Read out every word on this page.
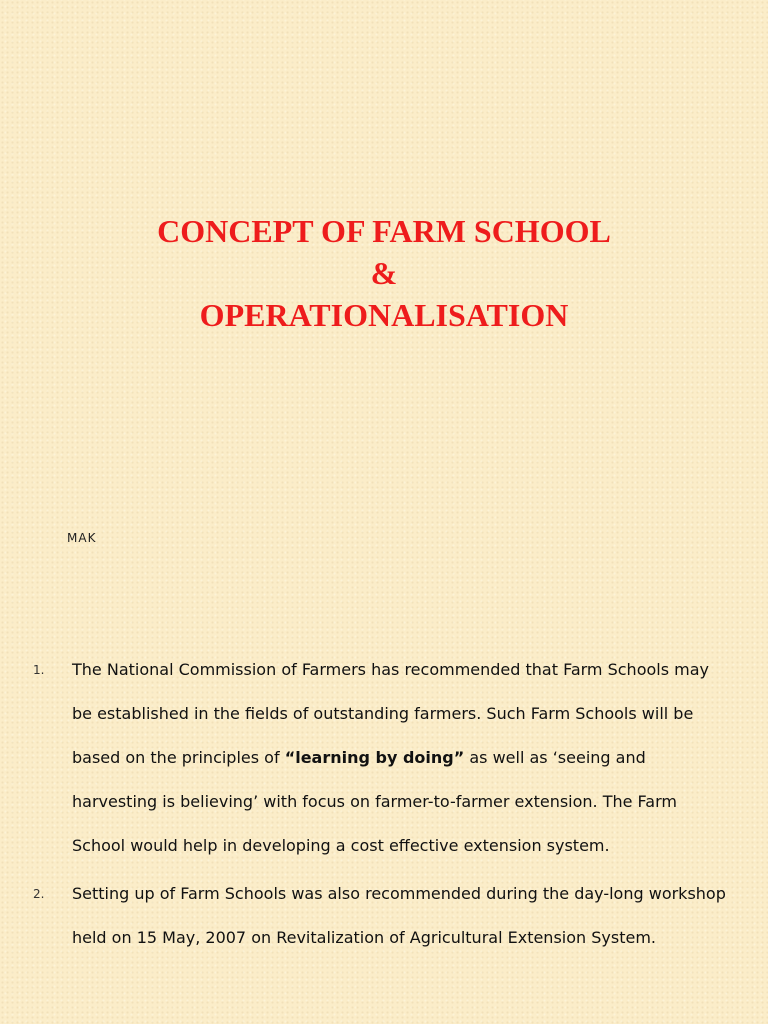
CONCEPT OF FARM SCHOOL
&
OPERATIONALISATION
MAK
1. The National Commission of Farmers has recommended that Farm Schools may be established in the fields of outstanding farmers. Such Farm Schools will be based on the principles of “learning by doing” as well as ‘seeing and harvesting is believing’ with focus on farmer-to-farmer extension. The Farm School would help in developing a cost effective extension system.
2. Setting up of Farm Schools was also recommended during the day-long workshop held on 15 May, 2007 on Revitalization of Agricultural Extension System.
